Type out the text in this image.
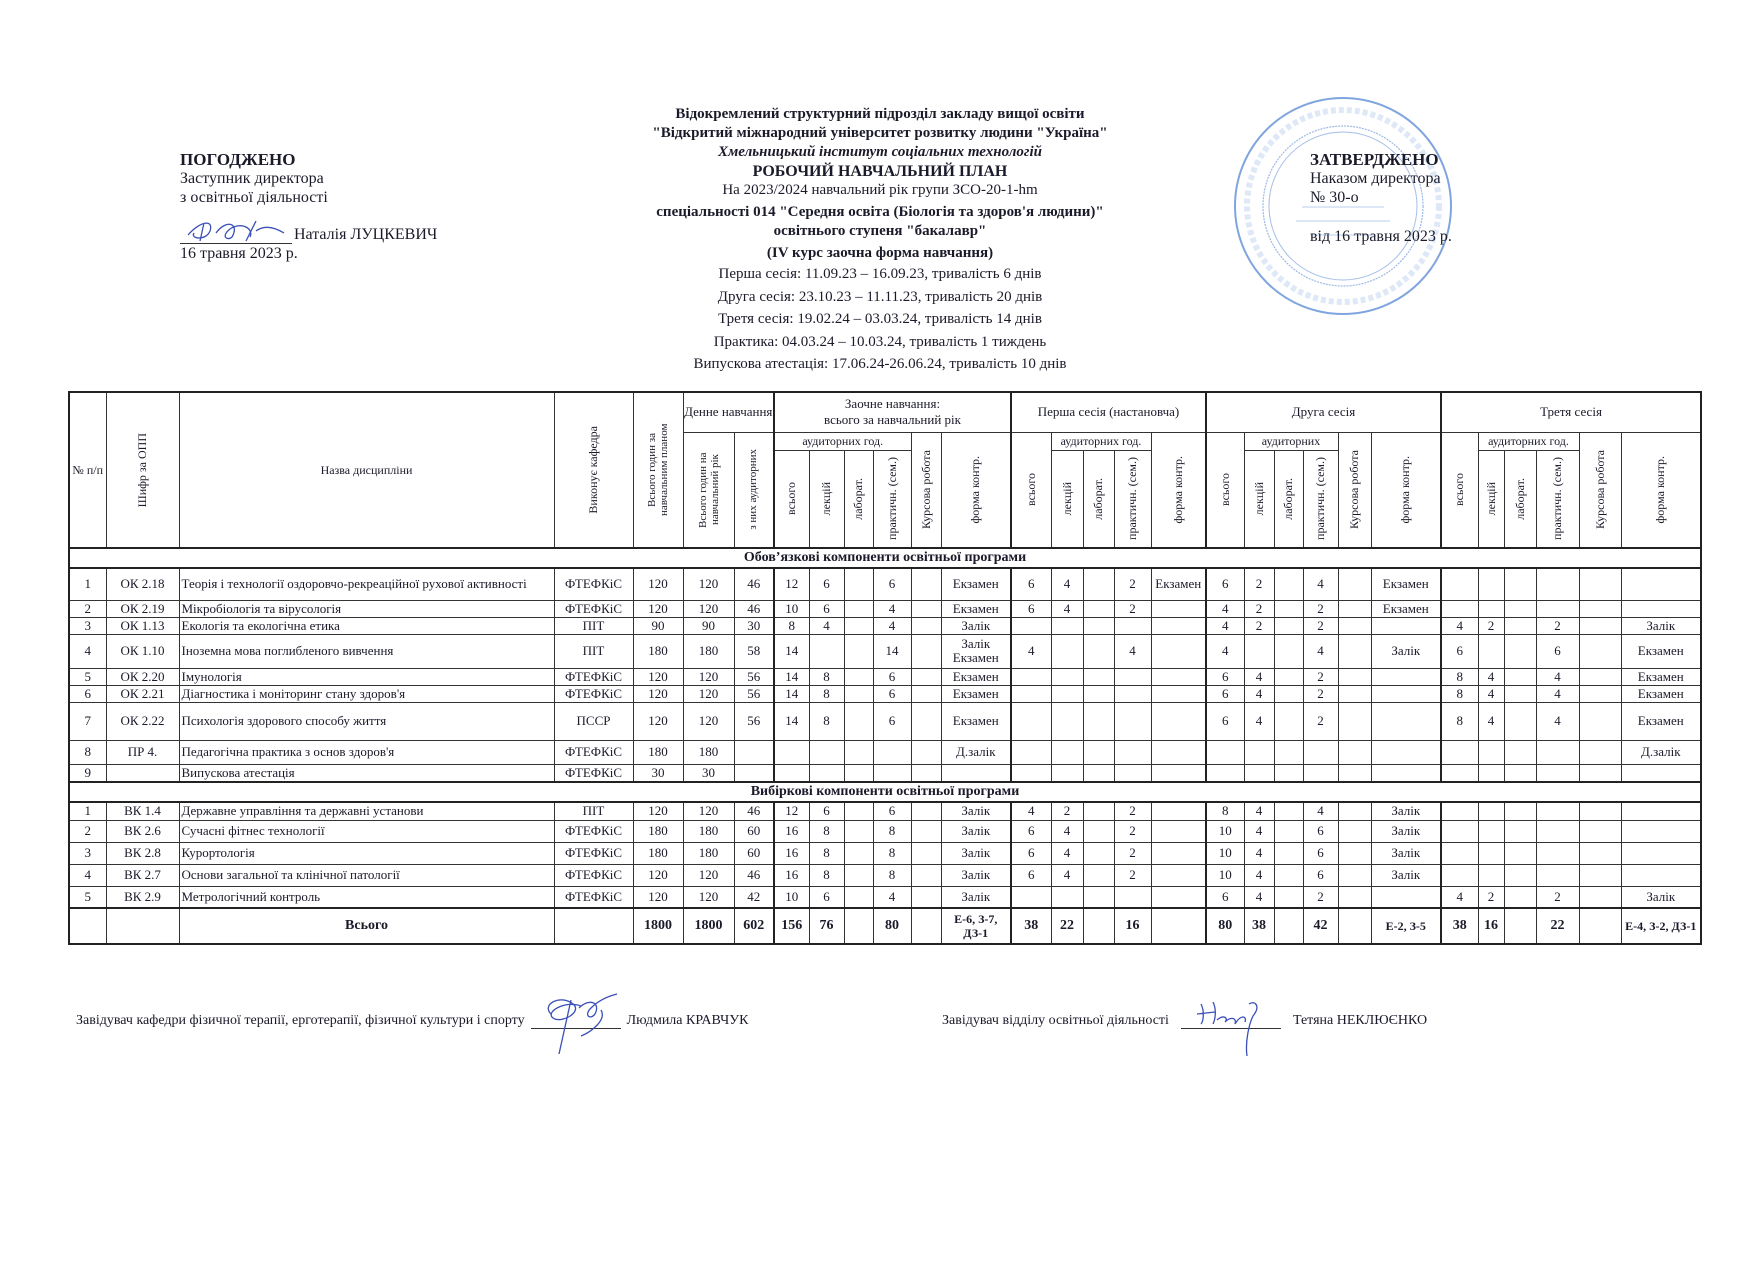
ПОГОДЖЕНО
Заступник директора
з освітньої діяльності
Наталія ЛУЦКЕВИЧ
16 травня 2023 р.
Відокремлений структурний підрозділ закладу вищої освіти
"Відкритий міжнародний університет розвитку людини "Україна"
Хмельницький інститут соціальних технологій
РОБОЧИЙ НАВЧАЛЬНИЙ ПЛАН
На 2023/2024 навчальний рік групи ЗСО-20-1-hm
спеціальності 014 "Середня освіта (Біологія та здоров'я людини)"
освітнього ступеня "бакалавр"
(IV курс заочна форма навчання)
Перша сесія: 11.09.23 – 16.09.23, тривалість 6 днів
Друга сесія: 23.10.23 – 11.11.23, тривалість 20 днів
Третя сесія: 19.02.24 – 03.03.24, тривалість 14 днів
Практика: 04.03.24 – 10.03.24, тривалість 1 тиждень
Випускова атестація: 17.06.24-26.06.24, тривалість 10 днів
ЗАТВЕРДЖЕНО
Наказом директора
№ 30-о
від 16 травня 2023 р.
№ п/п	Шифр за ОПП	Назва дисципліни	Виконує кафедра	Всього годин за навчальним планом	Денне навчання		Заочне навчання:
всього за навчальний рік						Перша сесія (настановча)					Друга сесія						Третя сесія					

					Всього годин на навчальний рік	з них аудиторних	аудиторних год.				Курсова робота	форма контр.	всього	аудиторних год.			форма контр.	всього	аудиторних			Курсова робота	форма контр.	всього	аудиторних год.			Курсова робота	форма контр.

							всього	лекцій	лаборат.	практичн. (сем.)				лекцій	лаборат.	практичн. (сем.)			лекцій	лаборат.	практичн. (сем.)				лекцій	лаборат.	практичн. (сем.)		

Обов’язкові компоненти освітньої програми																													
1	ОК 2.18	Теорія і технології оздоровчо-рекреаційної рухової активності	ФТЕФКіС	120	120	46	12	6		6		Екзамен	6	4		2	Екзамен	6	2		4		Екзамен						
2	ОК 2.19	Мікробіологія та вірусологія	ФТЕФКіС	120	120	46	10	6		4		Екзамен	6	4		2		4	2		2		Екзамен						
3	ОК 1.13	Екологія та екологічна етика	ПІТ	90	90	30	8	4		4		Залік						4	2		2			4	2		2		Залік
4	ОК 1.10	Іноземна мова поглибленого вивчення	ПІТ	180	180	58	14			14		Залік Екзамен	4			4		4			4		Залік	6			6		Екзамен
5	ОК 2.20	Імунологія	ФТЕФКіС	120	120	56	14	8		6		Екзамен						6	4		2			8	4		4		Екзамен
6	ОК 2.21	Діагностика і моніторинг стану здоров'я	ФТЕФКіС	120	120	56	14	8		6		Екзамен						6	4		2			8	4		4		Екзамен
7	ОК 2.22	Психологія здорового способу життя	ПССР	120	120	56	14	8		6		Екзамен						6	4		2			8	4		4		Екзамен
8	ПР 4.	Педагогічна практика з основ здоров'я	ФТЕФКіС	180	180							Д.залік																	Д.залік
9		Випускова атестація	ФТЕФКіС	30	30																								
Вибіркові компоненти освітньої програми																													
1	ВК 1.4	Державне управління та державні установи	ПІТ	120	120	46	12	6		6		Залік	4	2		2		8	4		4		Залік						
2	ВК 2.6	Сучасні фітнес технології	ФТЕФКіС	180	180	60	16	8		8		Залік	6	4		2		10	4		6		Залік						
3	ВК 2.8	Курортологія	ФТЕФКіС	180	180	60	16	8		8		Залік	6	4		2		10	4		6		Залік						
4	ВК 2.7	Основи загальної та клінічної патології	ФТЕФКіС	120	120	46	16	8		8		Залік	6	4		2		10	4		6		Залік						
5	ВК 2.9	Метрологічний контроль	ФТЕФКіС	120	120	42	10	6		4		Залік						6	4		2			4	2		2		Залік
		Всього		1800	1800	602	156	76		80		Е-6, З-7, ДЗ-1	38	22		16		80	38		42		Е-2, З-5	38	16		22		Е-4, З-2, ДЗ-1
Завідувач кафедри фізичної терапії, ерготерапії, фізичної культури і спорту	Людмила КРАВЧУК	Завідувач відділу освітньої діяльності	Тетяна НЕКЛЮЄНКО
